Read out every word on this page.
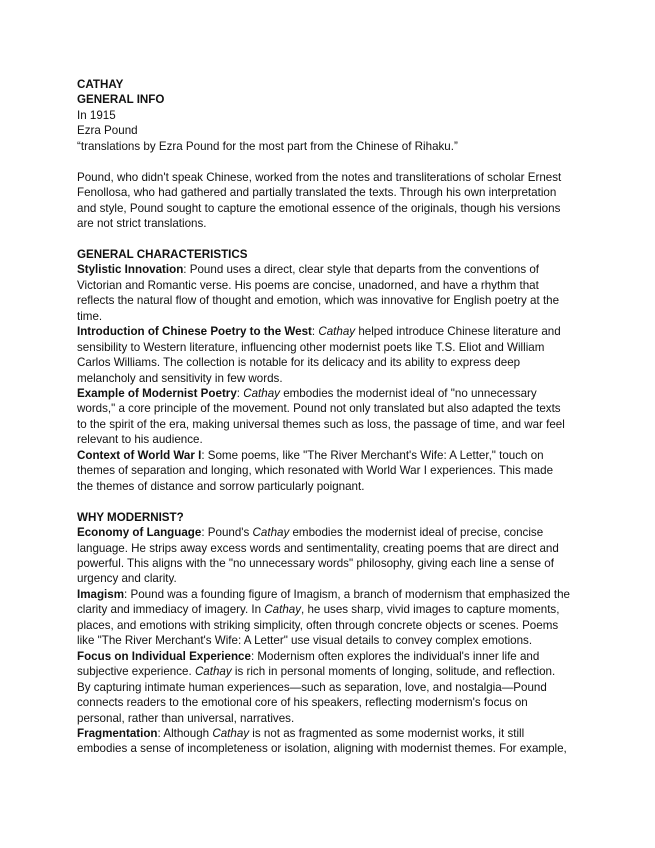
CATHAY
GENERAL INFO
In 1915
Ezra Pound
“translations by Ezra Pound for the most part from the Chinese of Rihaku.”
Pound, who didn't speak Chinese, worked from the notes and transliterations of scholar Ernest
Fenollosa, who had gathered and partially translated the texts. Through his own interpretation
and style, Pound sought to capture the emotional essence of the originals, though his versions
are not strict translations.
GENERAL CHARACTERISTICS
Stylistic Innovation: Pound uses a direct, clear style that departs from the conventions of
Victorian and Romantic verse. His poems are concise, unadorned, and have a rhythm that
reflects the natural flow of thought and emotion, which was innovative for English poetry at the
time.
Introduction of Chinese Poetry to the West: Cathay helped introduce Chinese literature and
sensibility to Western literature, influencing other modernist poets like T.S. Eliot and William
Carlos Williams. The collection is notable for its delicacy and its ability to express deep
melancholy and sensitivity in few words.
Example of Modernist Poetry: Cathay embodies the modernist ideal of "no unnecessary
words," a core principle of the movement. Pound not only translated but also adapted the texts
to the spirit of the era, making universal themes such as loss, the passage of time, and war feel
relevant to his audience.
Context of World War I: Some poems, like "The River Merchant's Wife: A Letter," touch on
themes of separation and longing, which resonated with World War I experiences. This made
the themes of distance and sorrow particularly poignant.
WHY MODERNIST?
Economy of Language: Pound's Cathay embodies the modernist ideal of precise, concise
language. He strips away excess words and sentimentality, creating poems that are direct and
powerful. This aligns with the "no unnecessary words" philosophy, giving each line a sense of
urgency and clarity.
Imagism: Pound was a founding figure of Imagism, a branch of modernism that emphasized the
clarity and immediacy of imagery. In Cathay, he uses sharp, vivid images to capture moments,
places, and emotions with striking simplicity, often through concrete objects or scenes. Poems
like "The River Merchant's Wife: A Letter" use visual details to convey complex emotions.
Focus on Individual Experience: Modernism often explores the individual's inner life and
subjective experience. Cathay is rich in personal moments of longing, solitude, and reflection.
By capturing intimate human experiences—such as separation, love, and nostalgia—Pound
connects readers to the emotional core of his speakers, reflecting modernism's focus on
personal, rather than universal, narratives.
Fragmentation: Although Cathay is not as fragmented as some modernist works, it still
embodies a sense of incompleteness or isolation, aligning with modernist themes. For example,
